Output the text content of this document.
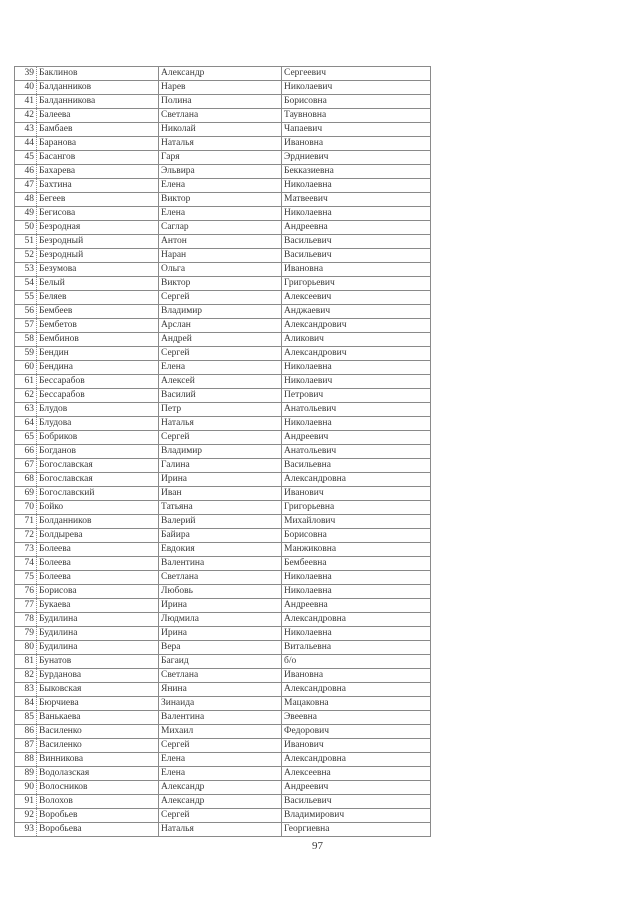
39	Баклинов	Александр	Сергеевич
40	Балданников	Нарев	Николаевич
41	Балданникова	Полина	Борисовна
42	Балеева	Светлана	Таувновна
43	Бамбаев	Николай	Чапаевич
44	Баранова	Наталья	Ивановна
45	Басангов	Гаря	Эрдниевич
46	Бахарева	Эльвира	Бекказиевна
47	Бахтина	Елена	Николаевна
48	Бегеев	Виктор	Матвеевич
49	Бегисова	Елена	Николаевна
50	Безродная	Саглар	Андреевна
51	Безродный	Антон	Васильевич
52	Безродный	Наран	Васильевич
53	Безумова	Ольга	Ивановна
54	Белый	Виктор	Григорьевич
55	Беляев	Сергей	Алексеевич
56	Бембеев	Владимир	Анджаевич
57	Бембетов	Арслан	Александрович
58	Бембинов	Андрей	Аликович
59	Бендин	Сергей	Александрович
60	Бендина	Елена	Николаевна
61	Бессарабов	Алексей	Николаевич
62	Бессарабов	Василий	Петрович
63	Блудов	Петр	Анатольевич
64	Блудова	Наталья	Николаевна
65	Бобриков	Сергей	Андреевич
66	Богданов	Владимир	Анатольевич
67	Богославская	Галина	Васильевна
68	Богославская	Ирина	Александровна
69	Богославский	Иван	Иванович
70	Бойко	Татьяна	Григорьевна
71	Болданников	Валерий	Михайлович
72	Болдырева	Байира	Борисовна
73	Болеева	Евдокия	Манжиковна
74	Болеева	Валентина	Бембеевна
75	Болеева	Светлана	Николаевна
76	Борисова	Любовь	Николаевна
77	Букаева	Ирина	Андреевна
78	Будилина	Людмила	Александровна
79	Будилина	Ирина	Николаевна
80	Будилина	Вера	Витальевна
81	Бунатов	Багаид	б/о
82	Бурданова	Светлана	Ивановна
83	Быковская	Янина	Александровна
84	Бюрчиева	Зинаида	Мацаковна
85	Ванькаева	Валентина	Эвеевна
86	Василенко	Михаил	Федорович
87	Василенко	Сергей	Иванович
88	Винникова	Елена	Александровна
89	Водолазская	Елена	Алексеевна
90	Волосников	Александр	Андреевич
91	Волохов	Александр	Васильевич
92	Воробьев	Сергей	Владимирович
93	Воробьева	Наталья	Георгиевна
97
